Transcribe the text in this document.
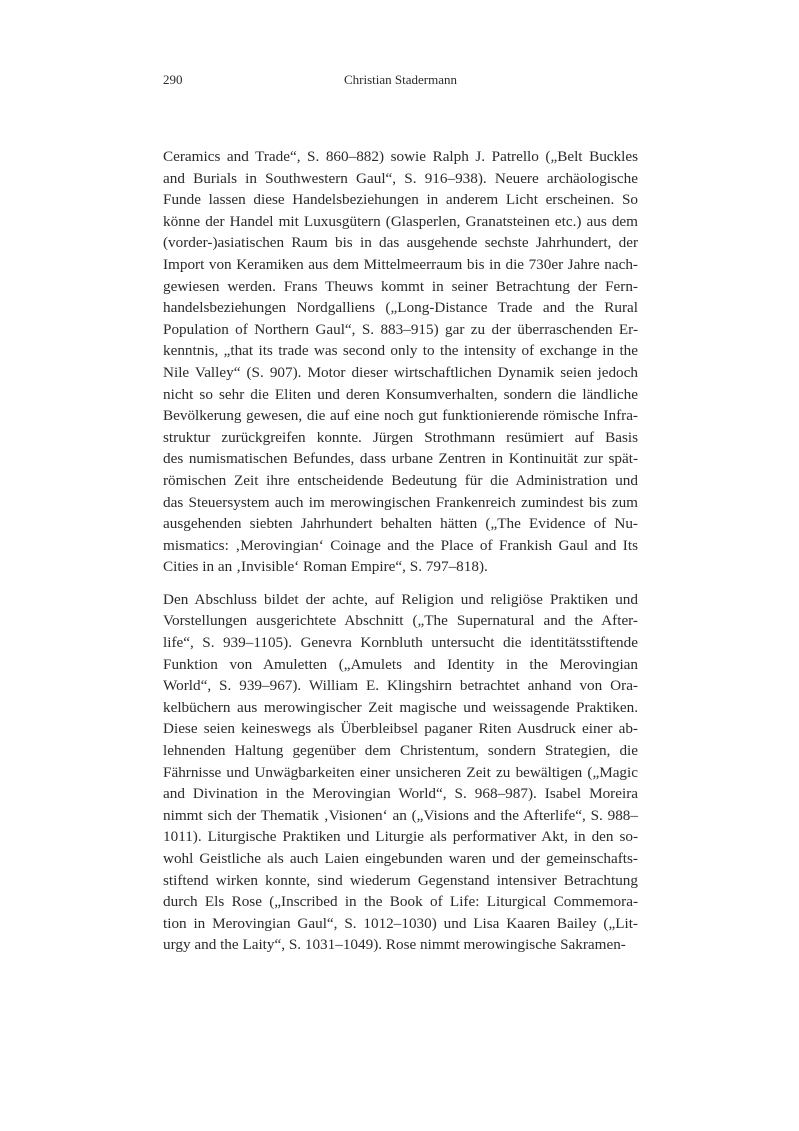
290	Christian Stadermann
Ceramics and Trade“, S. 860–882) sowie Ralph J. Patrello („Belt Buckles
and Burials in Southwestern Gaul“, S. 916–938). Neuere archäologische
Funde lassen diese Handelsbeziehungen in anderem Licht erscheinen. So
könne der Handel mit Luxusgütern (Glasperlen, Granatsteinen etc.) aus dem
(vorder-)asiatischen Raum bis in das ausgehende sechste Jahrhundert, der
Import von Keramiken aus dem Mittelmeerraum bis in die 730er Jahre nach-
gewiesen werden. Frans Theuws kommt in seiner Betrachtung der Fern-
handelsbeziehungen Nordgalliens („Long-Distance Trade and the Rural
Population of Northern Gaul“, S. 883–915) gar zu der überraschenden Er-
kenntnis, „that its trade was second only to the intensity of exchange in the
Nile Valley“ (S. 907). Motor dieser wirtschaftlichen Dynamik seien jedoch
nicht so sehr die Eliten und deren Konsumverhalten, sondern die ländliche
Bevölkerung gewesen, die auf eine noch gut funktionierende römische Infra-
struktur zurückgreifen konnte. Jürgen Strothmann resümiert auf Basis
des numismatischen Befundes, dass urbane Zentren in Kontinuität zur spät-
römischen Zeit ihre entscheidende Bedeutung für die Administration und
das Steuersystem auch im merowingischen Frankenreich zumindest bis zum
ausgehenden siebten Jahrhundert behalten hätten („The Evidence of Nu-
mismatics: ‚Merovingian‘ Coinage and the Place of Frankish Gaul and Its
Cities in an ‚Invisible‘ Roman Empire“, S. 797–818).
Den Abschluss bildet der achte, auf Religion und religiöse Praktiken und
Vorstellungen ausgerichtete Abschnitt („The Supernatural and the After-
life“, S. 939–1105). Genevra Kornbluth untersucht die identitätsstiftende
Funktion von Amuletten („Amulets and Identity in the Merovingian
World“, S. 939–967). William E. Klingshirn betrachtet anhand von Ora-
kelbüchern aus merowingischer Zeit magische und weissagende Praktiken.
Diese seien keineswegs als Überbleibsel paganer Riten Ausdruck einer ab-
lehnenden Haltung gegenüber dem Christentum, sondern Strategien, die
Fährnisse und Unwägbarkeiten einer unsicheren Zeit zu bewältigen („Magic
and Divination in the Merovingian World“, S. 968–987). Isabel Moreira
nimmt sich der Thematik ‚Visionen‘ an („Visions and the Afterlife“, S. 988–
1011). Liturgische Praktiken und Liturgie als performativer Akt, in den so-
wohl Geistliche als auch Laien eingebunden waren und der gemeinschafts-
stiftend wirken konnte, sind wiederum Gegenstand intensiver Betrachtung
durch Els Rose („Inscribed in the Book of Life: Liturgical Commemora-
tion in Merovingian Gaul“, S. 1012–1030) und Lisa Kaaren Bailey („Lit-
urgy and the Laity“, S. 1031–1049). Rose nimmt merowingische Sakramen-
